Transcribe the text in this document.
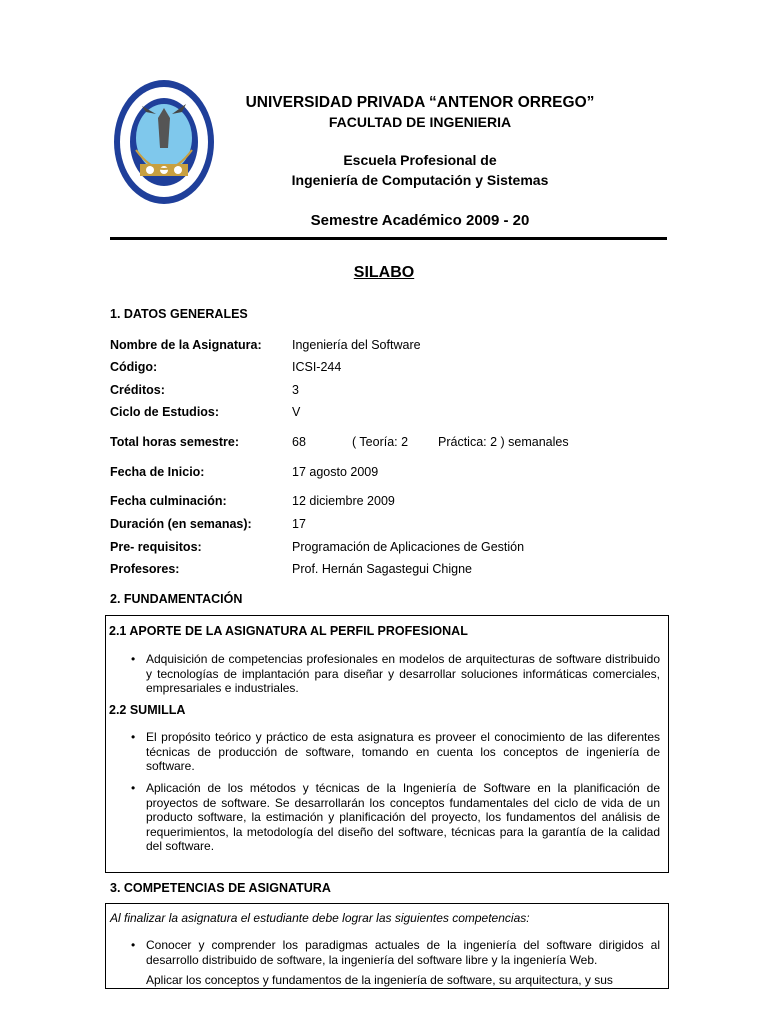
UNIVERSIDAD PRIVADA “ANTENOR ORREGO”
FACULTAD DE INGENIERIA
Escuela Profesional de
Ingeniería de Computación y Sistemas
Semestre Académico 2009 - 20
SILABO
1. DATOS GENERALES
Nombre de la Asignatura: Ingeniería del Software
Código:	ICSI-244
Créditos:	3
Ciclo de Estudios:	V
Total horas semestre:	68	( Teoría: 2 Práctica: 2 ) semanales
Fecha de Inicio:	17 agosto 2009
Fecha culminación:	12 diciembre 2009
Duración (en semanas):	17
Pre- requisitos:	Programación de Aplicaciones de Gestión
Profesores:	Prof. Hernán Sagastegui Chigne
2. FUNDAMENTACIÓN
2.1 APORTE DE LA ASIGNATURA AL PERFIL PROFESIONAL
• Adquisición de competencias profesionales en modelos de arquitecturas de software distribuido y tecnologías de implantación para diseñar y desarrollar soluciones informáticas comerciales, empresariales e industriales.
2.2 SUMILLA
• El propósito teórico y práctico de esta asignatura es proveer el conocimiento de las diferentes técnicas de producción de software, tomando en cuenta los conceptos de ingeniería de software.
• Aplicación de los métodos y técnicas de la Ingeniería de Software en la planificación de proyectos de software. Se desarrollarán los conceptos fundamentales del ciclo de vida de un producto software, la estimación y planificación del proyecto, los fundamentos del análisis de requerimientos, la metodología del diseño del software, técnicas para la garantía de la calidad del software.
3. COMPETENCIAS DE ASIGNATURA
Al finalizar la asignatura el estudiante debe lograr las siguientes competencias:
• Conocer y comprender los paradigmas actuales de la ingeniería del software dirigidos al desarrollo distribuido de software, la ingeniería del software libre y la ingeniería Web.
• Aplicar los conceptos y fundamentos de la ingeniería de software, su arquitectura, y sus
